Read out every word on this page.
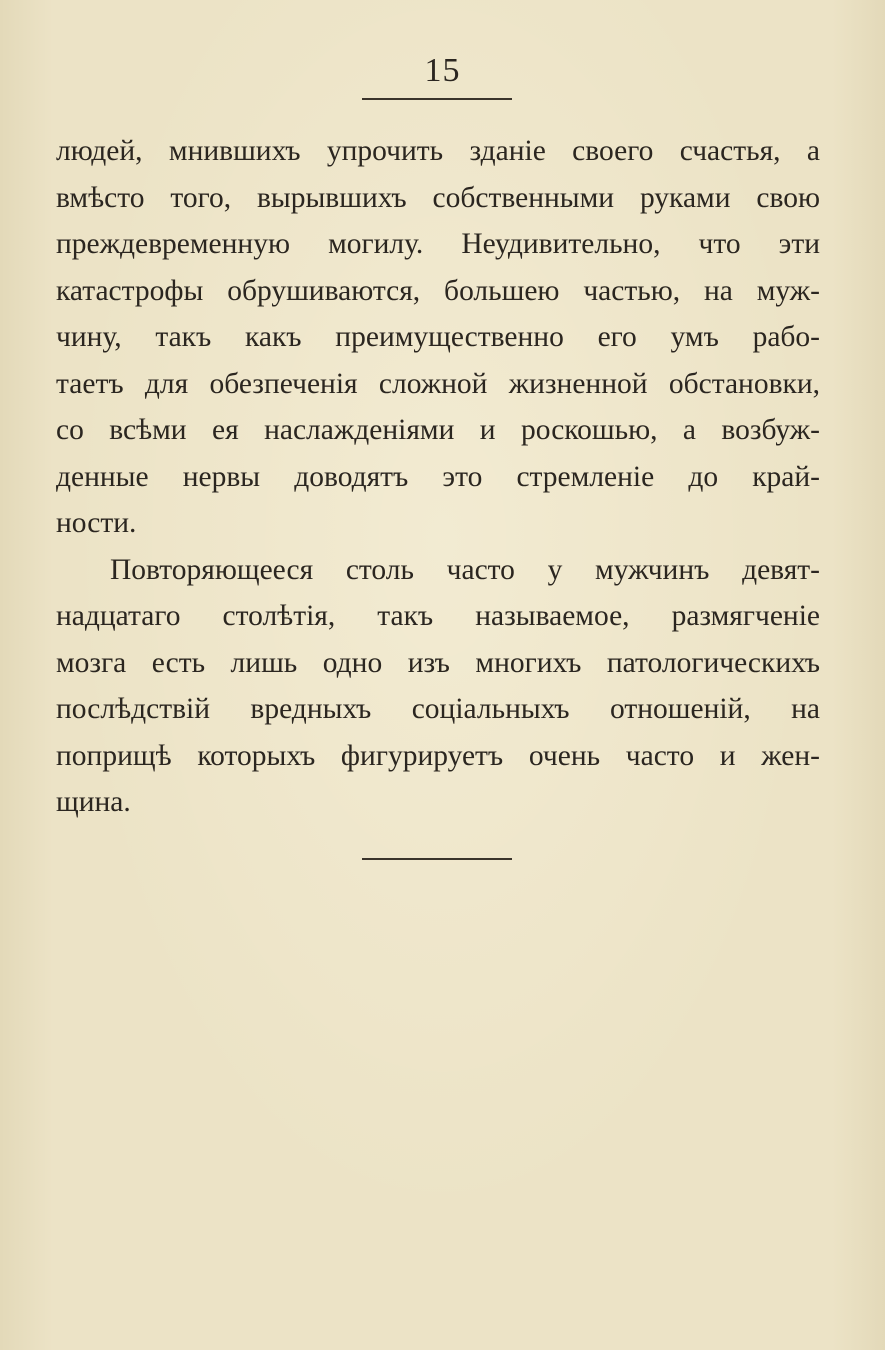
15
людей, мнившихъ упрочить зданіе своего счастья, а
вмѣсто того, вырывшихъ собственными руками свою
преждевременную могилу. Неудивительно, что эти
катастрофы обрушиваются, большею частью, на муж-
чину, такъ какъ преимущественно его умъ рабо-
таетъ для обезпеченія сложной жизненной обстановки,
со всѣми ея наслажденіями и роскошью, а возбуж-
денные нервы доводятъ это стремленіе до край-
ности.
Повторяющееся столь часто у мужчинъ девят-
надцатаго столѣтія, такъ называемое, размягченіе
мозга есть лишь одно изъ многихъ патологическихъ
послѣдствій вредныхъ соціальныхъ отношеній, на
поприщѣ которыхъ фигурируетъ очень часто и жен-
щина.
